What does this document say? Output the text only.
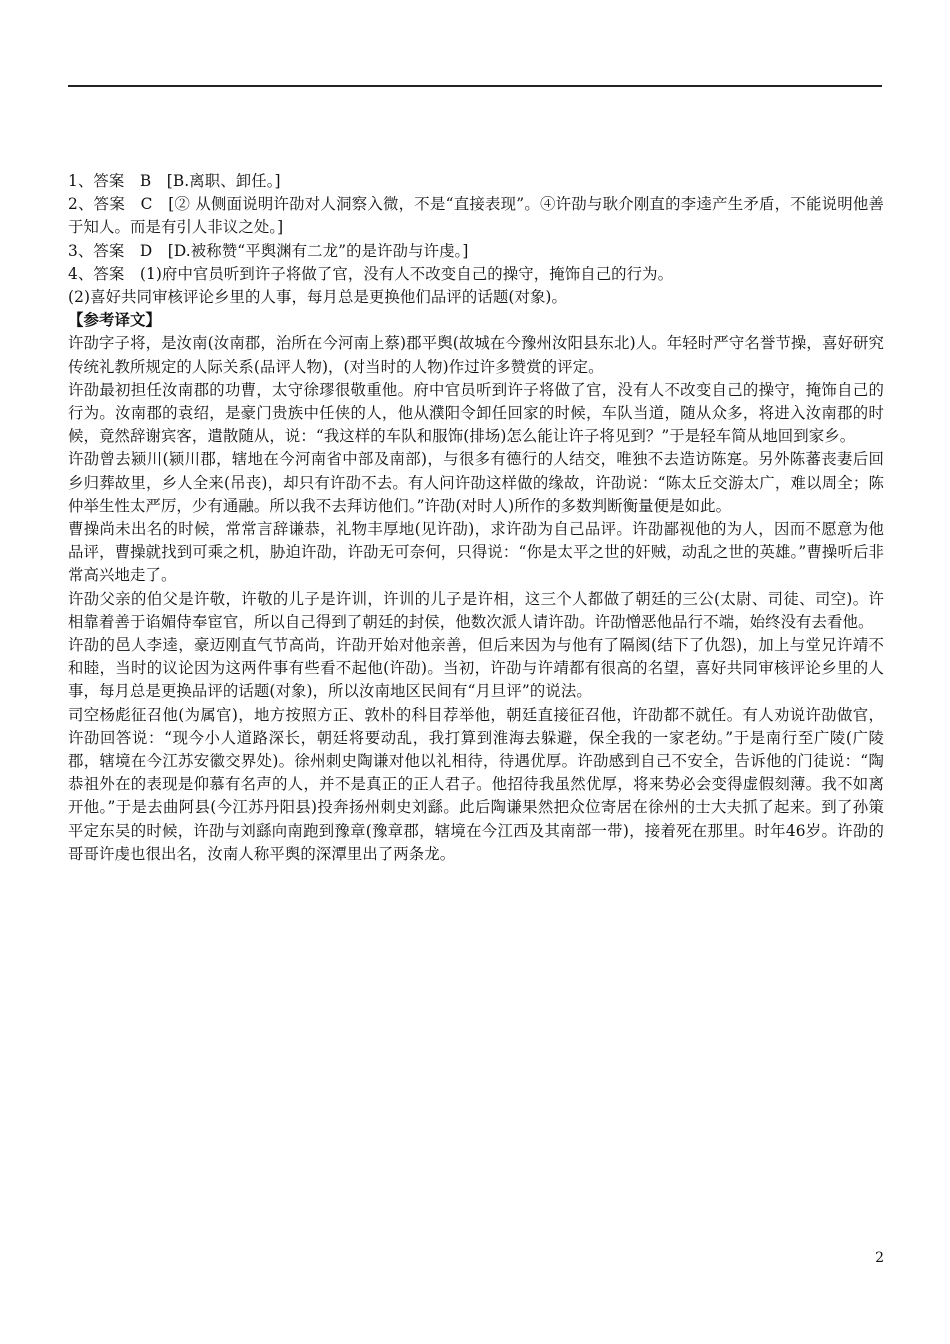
1、答案　B　[B.离职、卸任。]

2、答案　C　[② 从侧面说明许劭对人洞察入微，不是“直接表现”。④许劭与耿介刚直的李逵产生矛盾，不能说明他善于知人。而是有引人非议之处。]

3、答案　D　[D.被称赞“平舆渊有二龙”的是许劭与许虔。]

4、答案　(1)府中官员听到许子将做了官，没有人不改变自己的操守，掩饰自己的行为。

(2)喜好共同审核评论乡里的人事，每月总是更换他们品评的话题(对象)。

【参考译文】

许劭字子将，是汝南(汝南郡，治所在今河南上蔡)郡平舆(故城在今豫州汝阳县东北)人。年轻时严守名誉节操，喜好研究传统礼教所规定的人际关系(品评人物)，(对当时的人物)作过许多赞赏的评定。

许劭最初担任汝南郡的功曹，太守徐璆很敬重他。府中官员听到许子将做了官，没有人不改变自己的操守，掩饰自己的行为。汝南郡的袁绍，是豪门贵族中任侠的人，他从濮阳令卸任回家的时候，车队当道，随从众多，将进入汝南郡的时候，竟然辞谢宾客，遣散随从，说：“我这样的车队和服饰(排场)怎么能让许子将见到？”于是轻车简从地回到家乡。

许劭曾去颍川(颍川郡，辖地在今河南省中部及南部)，与很多有德行的人结交，唯独不去造访陈寔。另外陈蕃丧妻后回乡归葬故里，乡人全来(吊丧)，却只有许劭不去。有人问许劭这样做的缘故，许劭说：“陈太丘交游太广，难以周全；陈仲举生性太严厉，少有通融。所以我不去拜访他们。”许劭(对时人)所作的多数判断衡量便是如此。

曹操尚未出名的时候，常常言辞谦恭，礼物丰厚地(见许劭)，求许劭为自己品评。许劭鄙视他的为人，因而不愿意为他品评，曹操就找到可乘之机，胁迫许劭，许劭无可奈何，只得说：“你是太平之世的奸贼，动乱之世的英雄。”曹操听后非常高兴地走了。

许劭父亲的伯父是许敬，许敬的儿子是许训，许训的儿子是许相，这三个人都做了朝廷的三公(太尉、司徒、司空)。许相靠着善于谄媚侍奉宦官，所以自己得到了朝廷的封侯，他数次派人请许劭。许劭憎恶他品行不端，始终没有去看他。

许劭的邑人李逵，豪迈刚直气节高尚，许劭开始对他亲善，但后来因为与他有了隔阂(结下了仇怨)，加上与堂兄许靖不和睦，当时的议论因为这两件事有些看不起他(许劭)。当初，许劭与许靖都有很高的名望，喜好共同审核评论乡里的人事，每月总是更换品评的话题(对象)，所以汝南地区民间有“月旦评”的说法。

司空杨彪征召他(为属官)，地方按照方正、敦朴的科目荐举他，朝廷直接征召他，许劭都不就任。有人劝说许劭做官，许劭回答说：“现今小人道路深长，朝廷将要动乱，我打算到淮海去躲避，保全我的一家老幼。”于是南行至广陵(广陵郡，辖境在今江苏安徽交界处)。徐州刺史陶谦对他以礼相待，待遇优厚。许劭感到自己不安全，告诉他的门徒说：“陶恭祖外在的表现是仰慕有名声的人，并不是真正的正人君子。他招待我虽然优厚，将来势必会变得虚假刻薄。我不如离开他。”于是去曲阿县(今江苏丹阳县)投奔扬州刺史刘繇。此后陶谦果然把众位寄居在徐州的士大夫抓了起来。到了孙策平定东吴的时候，许劭与刘繇向南跑到豫章(豫章郡，辖境在今江西及其南部一带)，接着死在那里。时年46岁。许劭的哥哥许虔也很出名，汝南人称平舆的深潭里出了两条龙。

2
